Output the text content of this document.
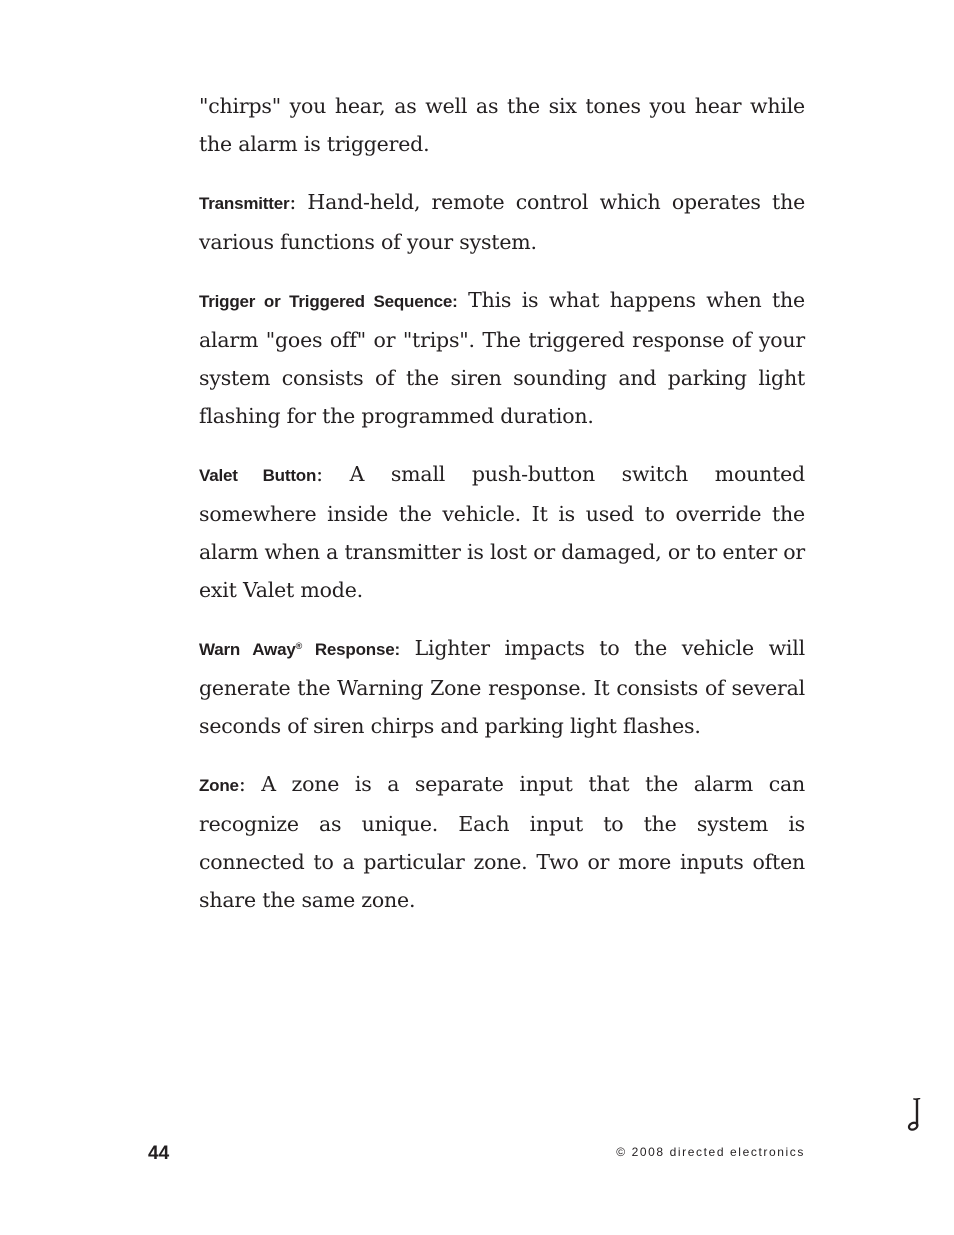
"chirps" you hear, as well as the six tones you hear while the alarm is triggered.

Transmitter: Hand-held, remote control which operates the various functions of your system.

Trigger or Triggered Sequence: This is what happens when the alarm "goes off" or "trips". The triggered response of your system consists of the siren sounding and parking light flashing for the programmed duration.

Valet Button: A small push-button switch mounted somewhere inside the vehicle. It is used to override the alarm when a transmitter is lost or damaged, or to enter or exit Valet mode.

Warn Away® Response: Lighter impacts to the vehicle will generate the Warning Zone response. It consists of several seconds of siren chirps and parking light flashes.

Zone: A zone is a separate input that the alarm can recognize as unique. Each input to the system is connected to a particular zone. Two or more inputs often share the same zone.

44	© 2008 directed electronics
